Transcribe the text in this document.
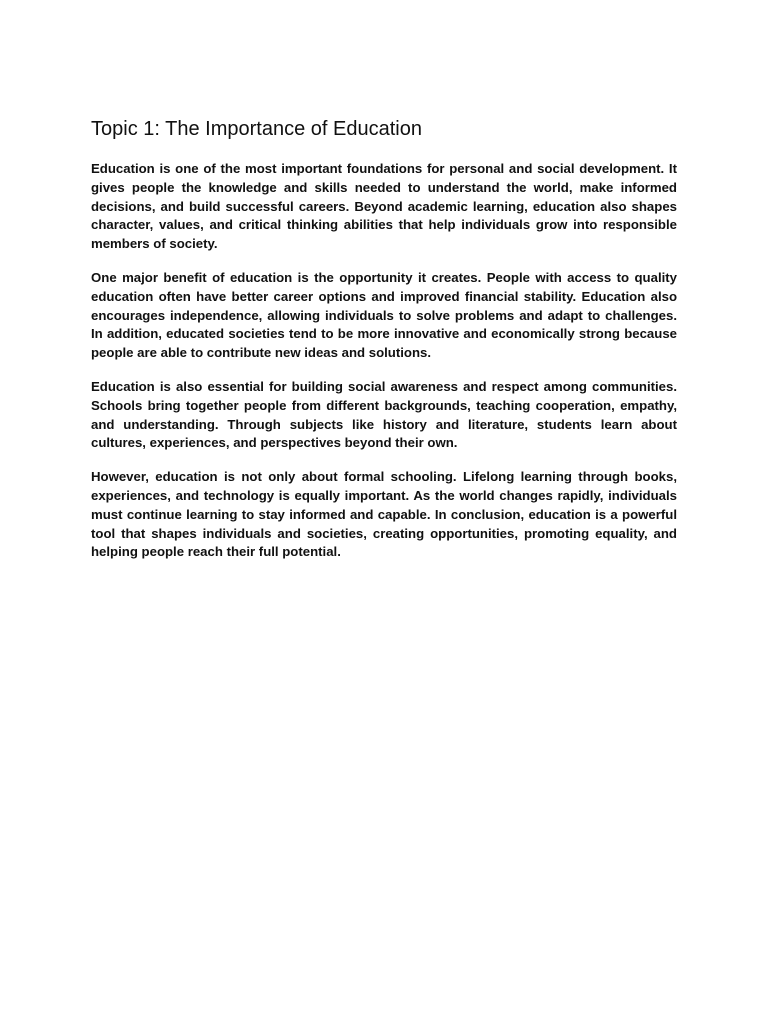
Topic 1: The Importance of Education

Education is one of the most important foundations for personal and social development. It gives people the knowledge and skills needed to understand the world, make informed decisions, and build successful careers. Beyond academic learning, education also shapes character, values, and critical thinking abilities that help individuals grow into responsible members of society.

One major benefit of education is the opportunity it creates. People with access to quality education often have better career options and improved financial stability. Education also encourages independence, allowing individuals to solve problems and adapt to challenges. In addition, educated societies tend to be more innovative and economically strong because people are able to contribute new ideas and solutions.

Education is also essential for building social awareness and respect among communities. Schools bring together people from different backgrounds, teaching cooperation, empathy, and understanding. Through subjects like history and literature, students learn about cultures, experiences, and perspectives beyond their own.

However, education is not only about formal schooling. Lifelong learning through books, experiences, and technology is equally important. As the world changes rapidly, individuals must continue learning to stay informed and capable. In conclusion, education is a powerful tool that shapes individuals and societies, creating opportunities, promoting equality, and helping people reach their full potential.
